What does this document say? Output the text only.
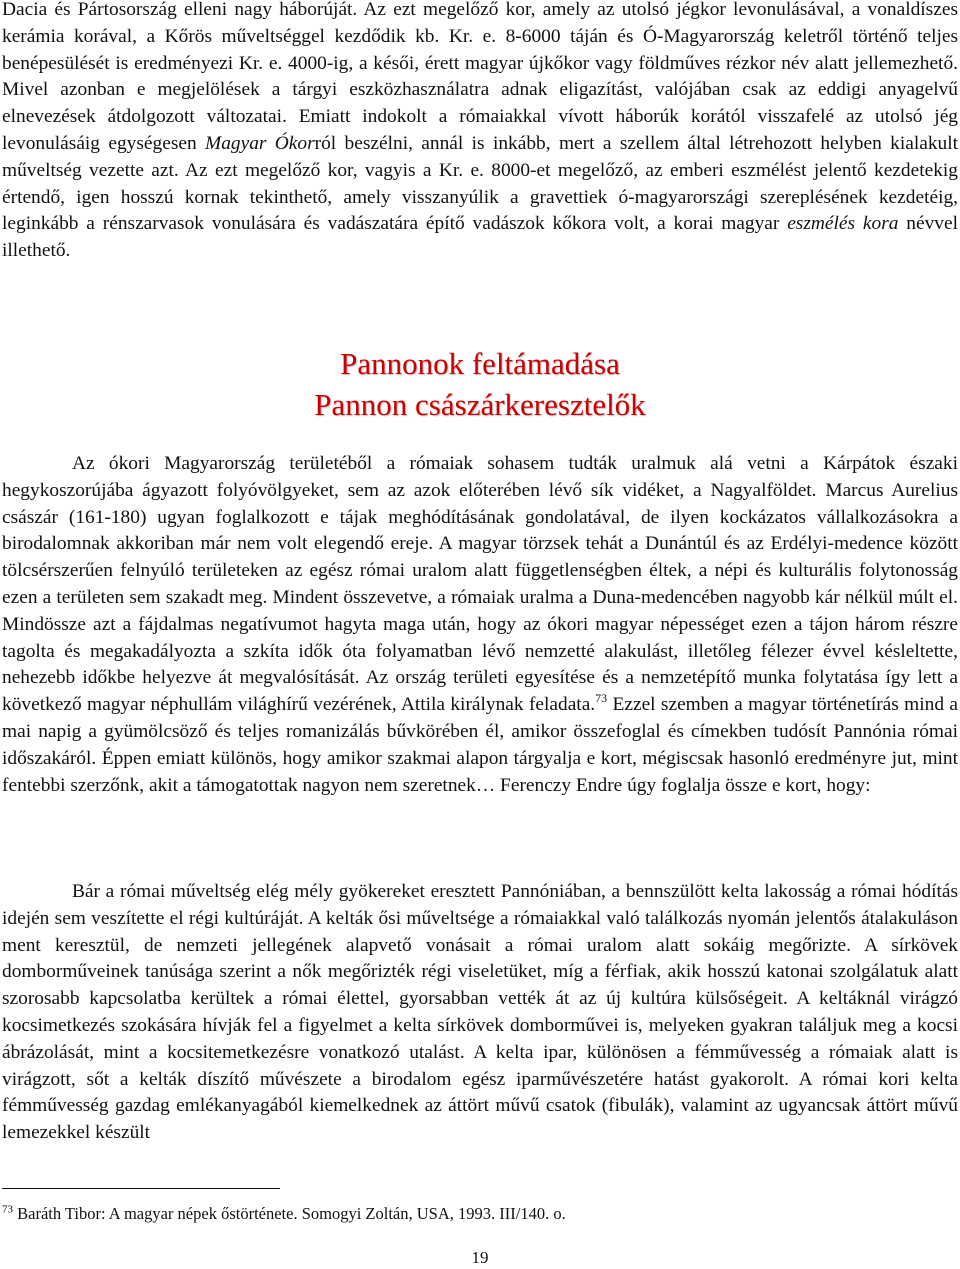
Dacia és Pártosország elleni nagy háborúját. Az ezt megelőző kor, amely az utolsó jégkor levonulásával, a vonaldíszes kerámia korával, a Kőrös műveltséggel kezdődik kb. Kr. e. 8-6000 táján és Ó-Magyarország keletről történő teljes benépesülését is eredményezi Kr. e. 4000-ig, a késői, érett magyar újkőkor vagy földműves rézkor név alatt jellemezhető. Mivel azonban e megjelölések a tárgyi eszközhasználatra adnak eligazítást, valójában csak az eddigi anyagelvű elnevezések átdolgozott változatai. Emiatt indokolt a rómaiakkal vívott háborúk korától visszafelé az utolsó jég levonulásáig egységesen Magyar Ókorról beszélni, annál is inkább, mert a szellem által létrehozott helyben kialakult műveltség vezette azt. Az ezt megelőző kor, vagyis a Kr. e. 8000-et megelőző, az emberi eszmélést jelentő kezdetekig értendő, igen hosszú kornak tekinthető, amely visszanyúlik a gravettiek ó-magyarországi szereplésének kezdetéig, leginkább a rénszarvasok vonulására és vadászatára építő vadászok kőkora volt, a korai magyar eszmélés kora névvel illethető.

Pannonok feltámadása
Pannon császárkeresztelők

Az ókori Magyarország területéből a rómaiak sohasem tudták uralmuk alá vetni a Kárpátok északi hegykoszorújába ágyazott folyóvölgyeket, sem az azok előterében lévő sík vidéket, a Nagyalföldet. Marcus Aurelius császár (161-180) ugyan foglalkozott e tájak meghódításának gondolatával, de ilyen kockázatos vállalkozásokra a birodalomnak akkoriban már nem volt elegendő ereje. A magyar törzsek tehát a Dunántúl és az Erdélyi-medence között tölcsérszerűen felnyúló területeken az egész római uralom alatt függetlenségben éltek, a népi és kulturális folytonosság ezen a területen sem szakadt meg. Mindent összevetve, a rómaiak uralma a Duna-medencében nagyobb kár nélkül múlt el. Mindössze azt a fájdalmas negatívumot hagyta maga után, hogy az ókori magyar népességet ezen a tájon három részre tagolta és megakadályozta a szkíta idők óta folyamatban lévő nemzetté alakulást, illetőleg félezer évvel késleltette, nehezebb időkbe helyezve át megvalósítását. Az ország területi egyesítése és a nemzetépítő munka folytatása így lett a következő magyar néphullám világhírű vezérének, Attila királynak feladata.$^{73}$ Ezzel szemben a magyar történetírás mind a mai napig a gyümölcsöző és teljes romanizálás bűvkörében él, amikor összefoglal és címekben tudósít Pannónia római időszakáról. Éppen emiatt különös, hogy amikor szakmai alapon tárgyalja e kort, mégiscsak hasonló eredményre jut, mint fentebbi szerzőnk, akit a támogatottak nagyon nem szeretnek… Ferenczy Endre úgy foglalja össze e kort, hogy:

Bár a római műveltség elég mély gyökereket eresztett Pannóniában, a bennszülött kelta lakosság a római hódítás idején sem veszítette el régi kultúráját. A kelták ősi műveltsége a rómaiakkal való találkozás nyomán jelentős átalakuláson ment keresztül, de nemzeti jellegének alapvető vonásait a római uralom alatt sokáig megőrizte. A sírkövek domborműveinek tanúsága szerint a nők megőrizték régi viseletüket, míg a férfiak, akik hosszú katonai szolgálatuk alatt szorosabb kapcsolatba kerültek a római élettel, gyorsabban vették át az új kultúra külsőségeit. A keltáknál virágzó kocsimetkezés szokására hívják fel a figyelmet a kelta sírkövek domborművei is, melyeken gyakran találjuk meg a kocsi ábrázolását, mint a kocsitemetkezésre vonatkozó utalást. A kelta ipar, különösen a fémművesség a rómaiak alatt is virágzott, sőt a kelták díszítő művészete a birodalom egész iparművészetére hatást gyakorolt. A római kori kelta fémművesség gazdag emlékanyagából kiemelkednek az áttört művű csatok (fibulák), valamint az ugyancsak áttört művű lemezekkel készült

$^{73}$ Baráth Tibor: A magyar népek őstörténete. Somogyi Zoltán, USA, 1993. III/140. o.

19
